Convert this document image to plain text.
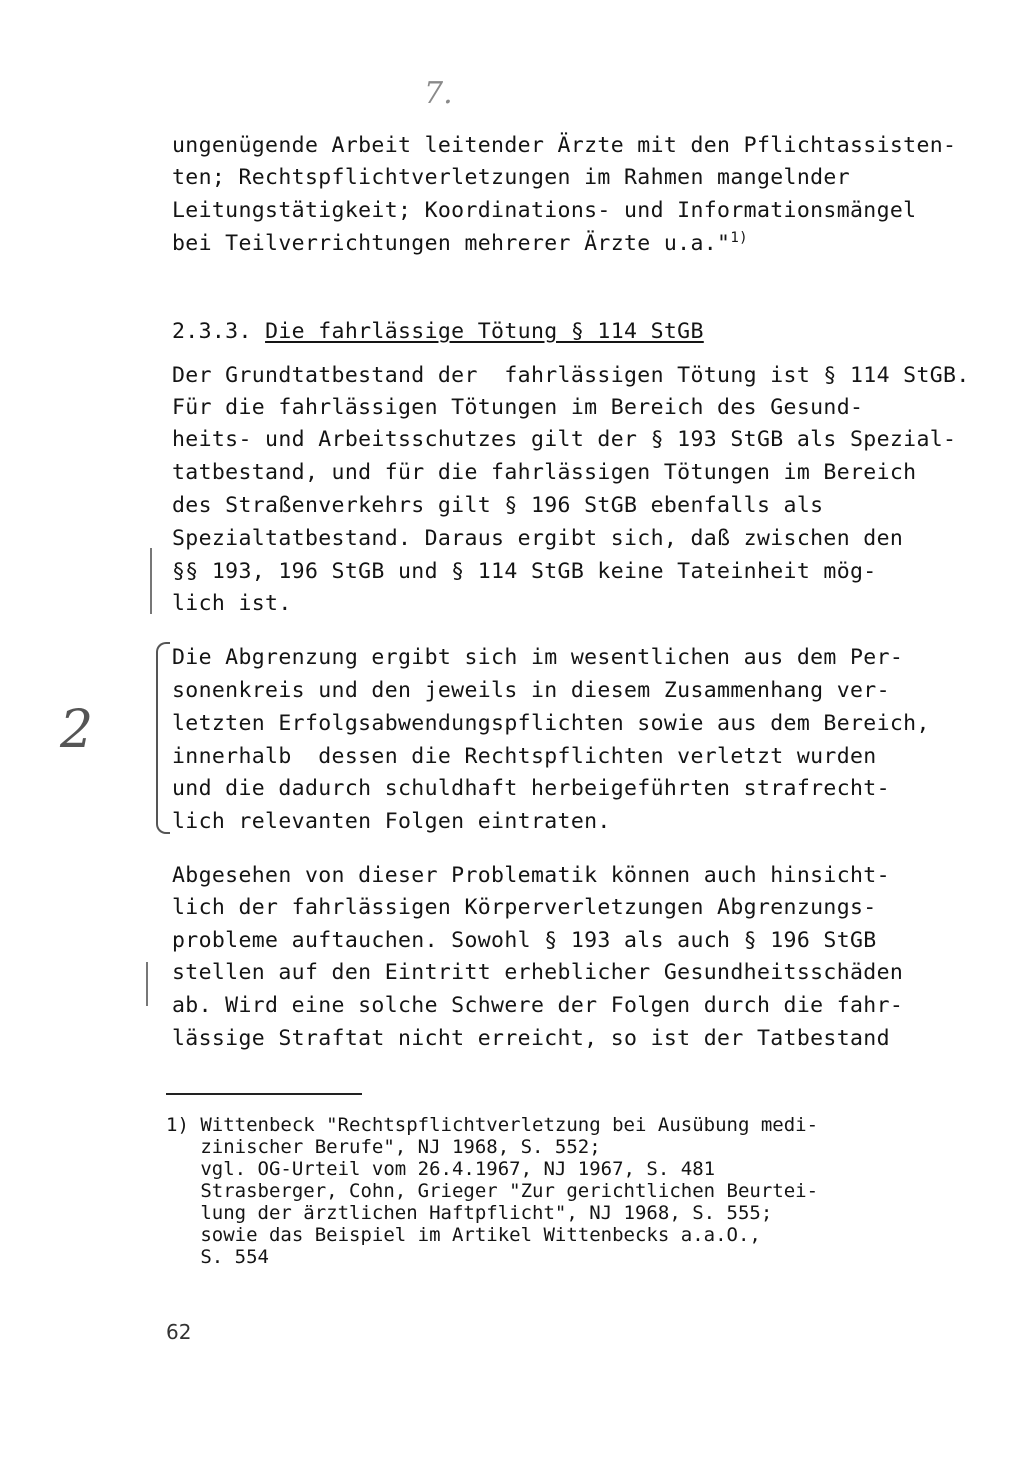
7.
ungenügende Arbeit leitender Ärzte mit den Pflichtassisten-
ten; Rechtspflichtverletzungen im Rahmen mangelnder
Leitungstätigkeit; Koordinations- und Informationsmängel
bei Teilverrichtungen mehrerer Ärzte u.a."$^{1)}$
2.3.3. Die fahrlässige Tötung § 114 StGB
Der Grundtatbestand der  fahrlässigen Tötung ist § 114 StGB.
Für die fahrlässigen Tötungen im Bereich des Gesund-
heits- und Arbeitsschutzes gilt der § 193 StGB als Spezial-
tatbestand, und für die fahrlässigen Tötungen im Bereich
des Straßenverkehrs gilt § 196 StGB ebenfalls als
Spezialtatbestand. Daraus ergibt sich, daß zwischen den
§§ 193, 196 StGB und § 114 StGB keine Tateinheit mög-
lich ist.
2
Die Abgrenzung ergibt sich im wesentlichen aus dem Per-
sonenkreis und den jeweils in diesem Zusammenhang ver-
letzten Erfolgsabwendungspflichten sowie aus dem Bereich,
innerhalb  dessen die Rechtspflichten verletzt wurden
und die dadurch schuldhaft herbeigeführten strafrecht-
lich relevanten Folgen eintraten.
Abgesehen von dieser Problematik können auch hinsicht-
lich der fahrlässigen Körperverletzungen Abgrenzungs-
probleme auftauchen. Sowohl § 193 als auch § 196 StGB
stellen auf den Eintritt erheblicher Gesundheitsschäden
ab. Wird eine solche Schwere der Folgen durch die fahr-
lässige Straftat nicht erreicht, so ist der Tatbestand
1) Wittenbeck "Rechtspflichtverletzung bei Ausübung medi-
zinischer Berufe", NJ 1968, S. 552;
vgl. OG-Urteil vom 26.4.1967, NJ 1967, S. 481
Strasberger, Cohn, Grieger "Zur gerichtlichen Beurtei-
lung der ärztlichen Haftpflicht", NJ 1968, S. 555;
sowie das Beispiel im Artikel Wittenbecks a.a.O.,
S. 554
62
